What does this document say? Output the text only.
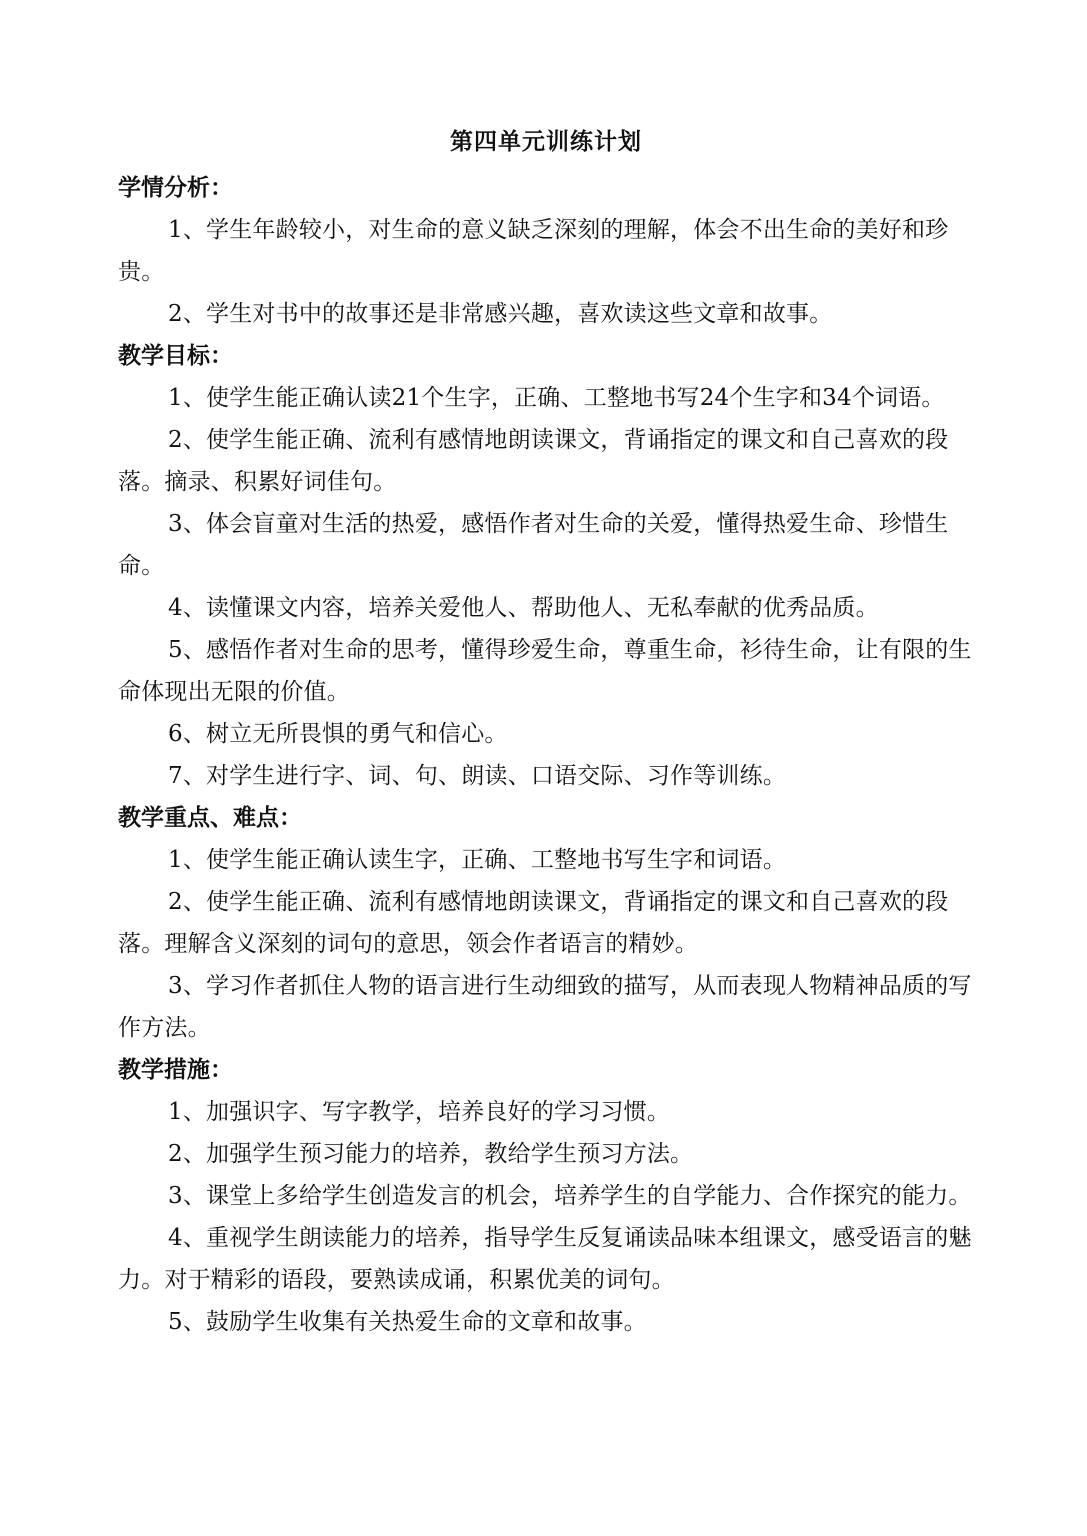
第四单元训练计划
学情分析：

1、学生年龄较小，对生命的意义缺乏深刻的理解，体会不出生命的美好和珍贵。

2、学生对书中的故事还是非常感兴趣，喜欢读这些文章和故事。

教学目标：

1、使学生能正确认读21个生字，正确、工整地书写24个生字和34个词语。

2、使学生能正确、流利有感情地朗读课文，背诵指定的课文和自己喜欢的段落。摘录、积累好词佳句。

3、体会盲童对生活的热爱，感悟作者对生命的关爱，懂得热爱生命、珍惜生命。

4、读懂课文内容，培养关爱他人、帮助他人、无私奉献的优秀品质。

5、感悟作者对生命的思考，懂得珍爱生命，尊重生命，衫待生命，让有限的生命体现出无限的价值。

6、树立无所畏惧的勇气和信心。

7、对学生进行字、词、句、朗读、口语交际、习作等训练。

教学重点、难点：

1、使学生能正确认读生字，正确、工整地书写生字和词语。

2、使学生能正确、流利有感情地朗读课文，背诵指定的课文和自己喜欢的段落。理解含义深刻的词句的意思，领会作者语言的精妙。

3、学习作者抓住人物的语言进行生动细致的描写，从而表现人物精神品质的写作方法。

教学措施：

1、加强识字、写字教学，培养良好的学习习惯。

2、加强学生预习能力的培养，教给学生预习方法。

3、课堂上多给学生创造发言的机会，培养学生的自学能力、合作探究的能力。

4、重视学生朗读能力的培养，指导学生反复诵读品味本组课文，感受语言的魅力。对于精彩的语段，要熟读成诵，积累优美的词句。

5、鼓励学生收集有关热爱生命的文章和故事。
